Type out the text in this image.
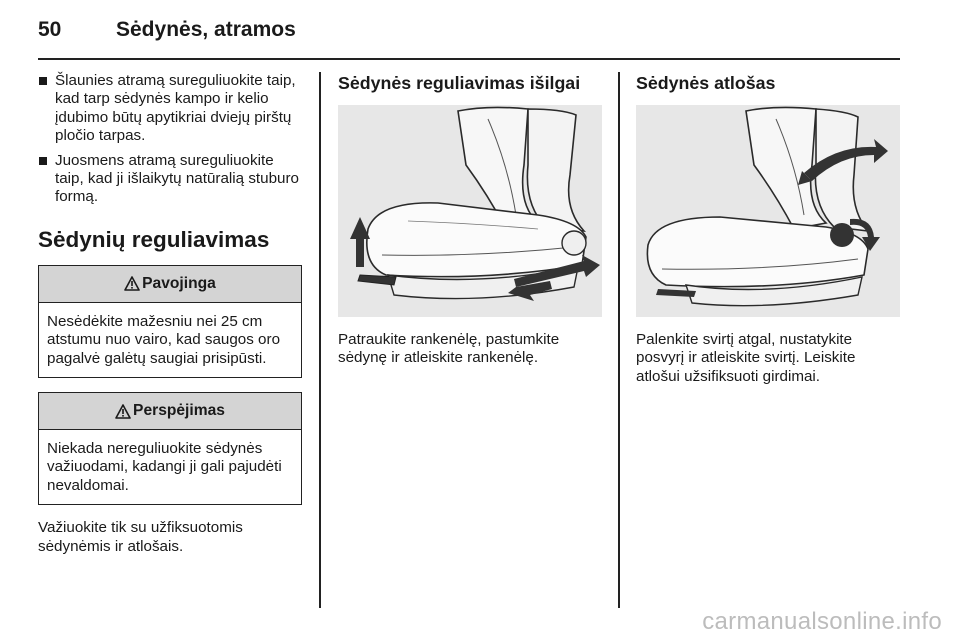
50	Sėdynės, atramos
Šlaunies atramą sureguliuokite taip, kad tarp sėdynės kampo ir kelio įdubimo būtų apytikriai dviejų pirštų pločio tarpas.
Juosmens atramą sureguliuokite taip, kad ji išlaikytų natūralią stuburo formą.
Sėdynių reguliavimas
Pavojinga
Nesėdėkite mažesniu nei 25 cm atstumu nuo vairo, kad saugos oro pagalvė galėtų saugiai prisipūsti.
Perspėjimas
Niekada nereguliuokite sėdynės važiuodami, kadangi ji gali pajudėti nevaldomai.

Važiuokite tik su užfiksuotomis sėdynėmis ir atlošais.

Sėdynės reguliavimas išilgai

Patraukite rankenėlę, pastumkite sėdynę ir atleiskite rankenėlę.

Sėdynės atlošas

Palenkite svirtį atgal, nustatykite posvyrį ir atleiskite svirtį. Leiskite atlošui užsifiksuoti girdimai.

carmanualsonline.info
